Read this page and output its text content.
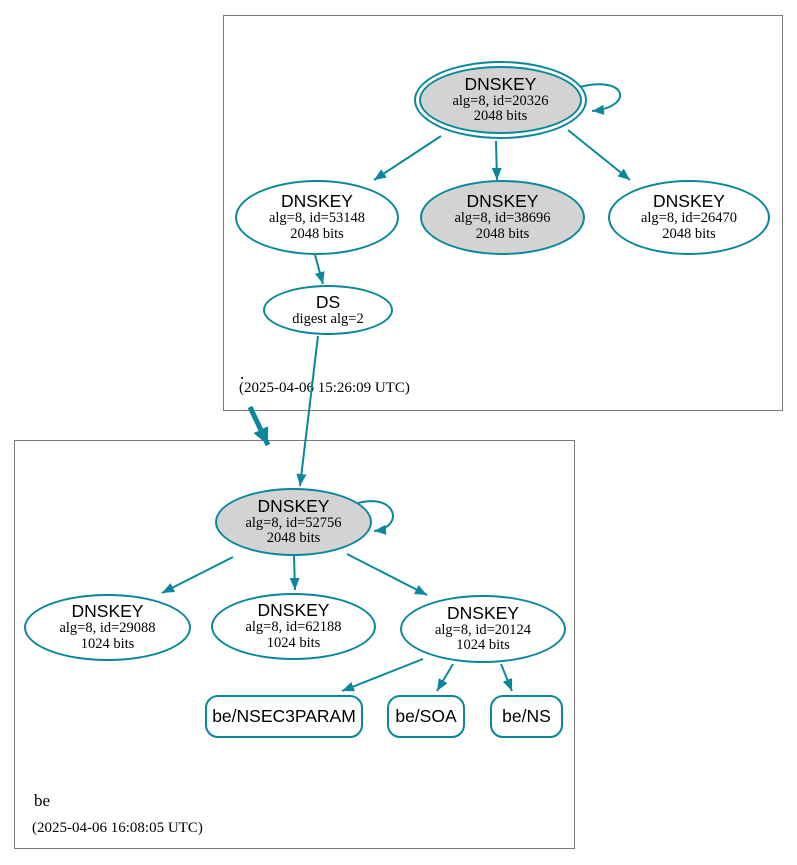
.
(2025-04-06 15:26:09 UTC)
be
(2025-04-06 16:08:05 UTC)
DNSKEY
alg=8, id=20326
2048 bits
DNSKEY
alg=8, id=53148
2048 bits
DNSKEY
alg=8, id=38696
2048 bits
DNSKEY
alg=8, id=26470
2048 bits
DS
digest alg=2
DNSKEY
alg=8, id=52756
2048 bits
DNSKEY
alg=8, id=29088
1024 bits
DNSKEY
alg=8, id=62188
1024 bits
DNSKEY
alg=8, id=20124
1024 bits
be/NSEC3PARAM be/SOA	be/NS
